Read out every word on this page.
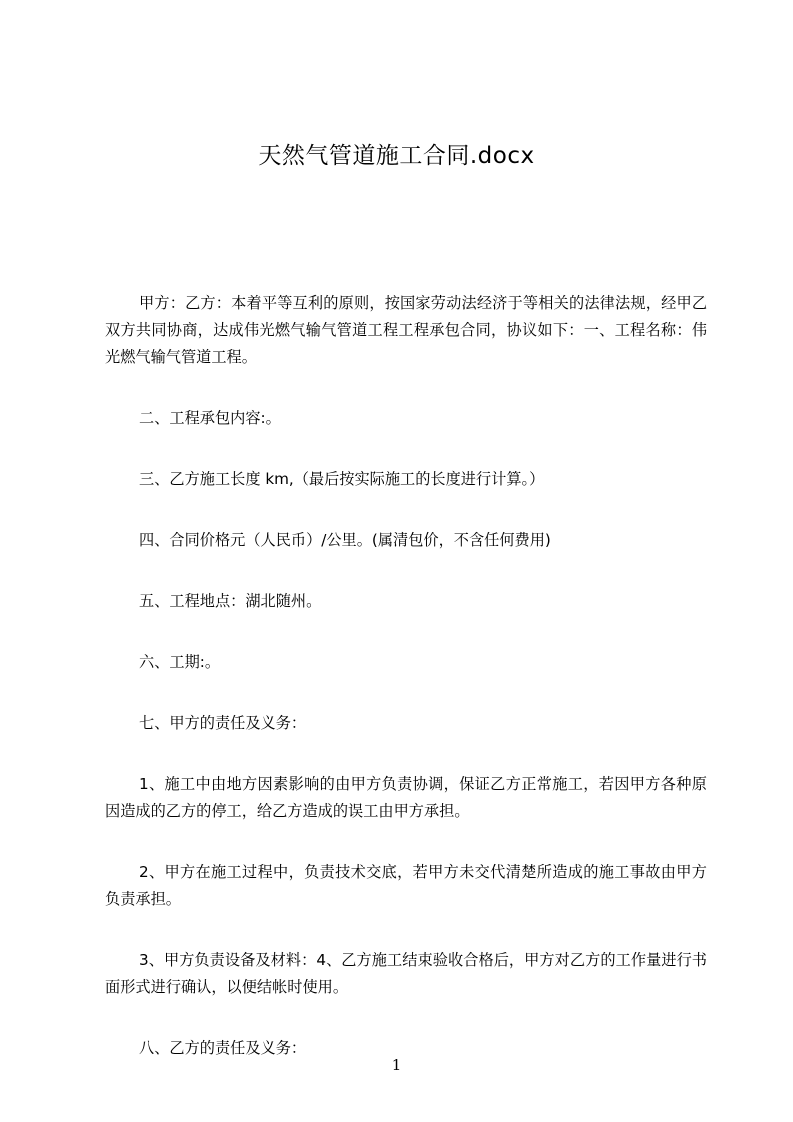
天然气管道施工合同.docx

甲方：乙方：本着平等互利的原则，按国家劳动法经济于等相关的法律法规，经甲乙双方共同协商，达成伟光燃气输气管道工程工程承包合同，协议如下：一、工程名称：伟光燃气输气管道工程。

二、工程承包内容:。

三、乙方施工长度 km,（最后按实际施工的长度进行计算。）

四、合同价格元（人民币）/公里。(属清包价，不含任何费用)

五、工程地点：湖北随州。

六、工期:。

七、甲方的责任及义务：

1、施工中由地方因素影响的由甲方负责协调，保证乙方正常施工，若因甲方各种原因造成的乙方的停工，给乙方造成的误工由甲方承担。

2、甲方在施工过程中，负责技术交底，若甲方未交代清楚所造成的施工事故由甲方负责承担。

3、甲方负责设备及材料：4、乙方施工结束验收合格后，甲方对乙方的工作量进行书面形式进行确认，以便结帐时使用。

八、乙方的责任及义务：

1
